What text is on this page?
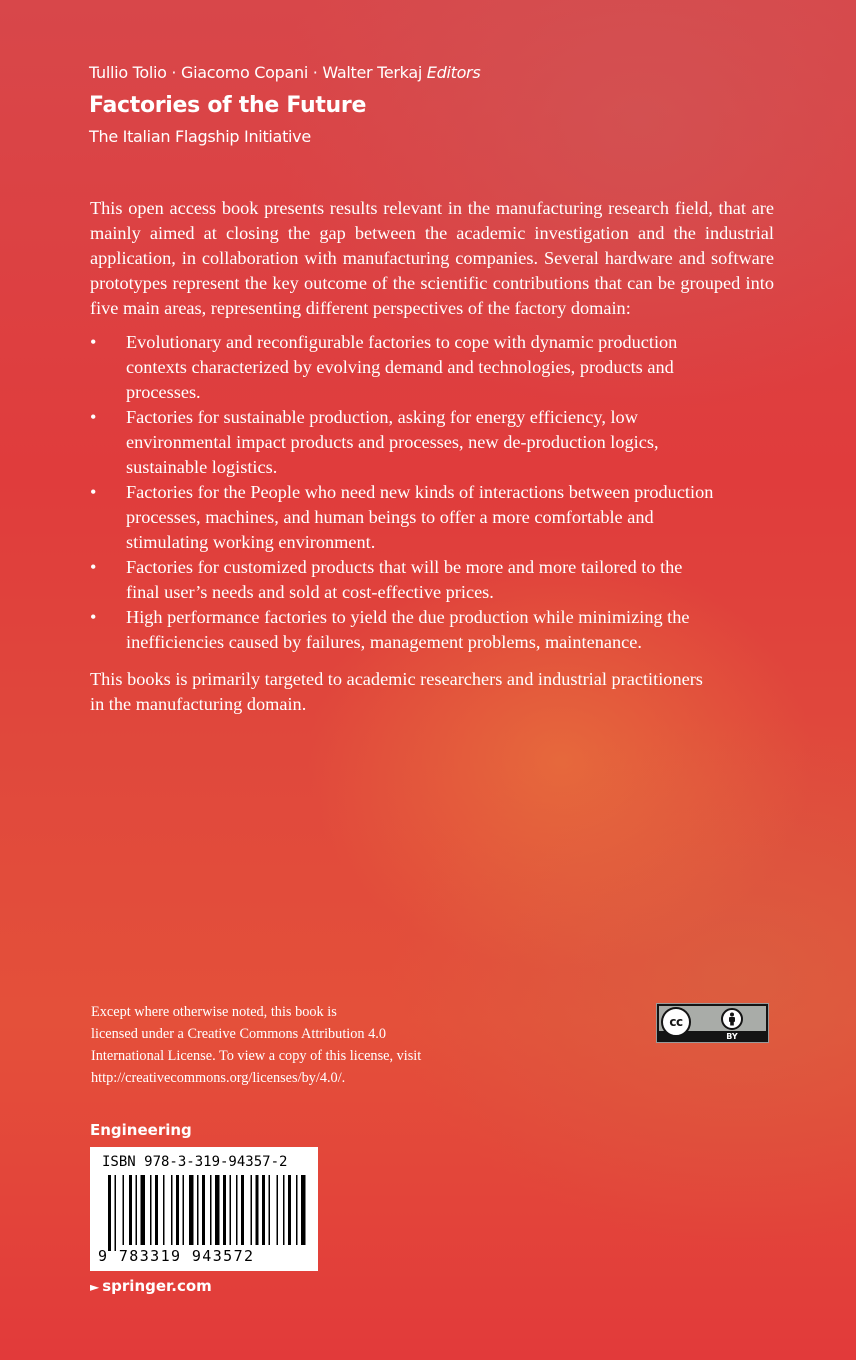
Tullio Tolio · Giacomo Copani · Walter Terkaj Editors
Factories of the Future
The Italian Flagship Initiative

This open access book presents results relevant in the manufacturing research field, that are mainly aimed at closing the gap between the academic investigation and the industrial application, in collaboration with manufacturing companies. Several hardware and software prototypes represent the key outcome of the scientific contributions that can be grouped into five main areas, representing different perspectives of the factory domain:

• Evolutionary and reconfigurable factories to cope with dynamic production
contexts characterized by evolving demand and technologies, products and
processes.
• Factories for sustainable production, asking for energy efficiency, low
environmental impact products and processes, new de-production logics,
sustainable logistics.
• Factories for the People who need new kinds of interactions between production
processes, machines, and human beings to offer a more comfortable and
stimulating working environment.
• Factories for customized products that will be more and more tailored to the
final user’s needs and sold at cost-effective prices.
• High performance factories to yield the due production while minimizing the
inefficiencies caused by failures, management problems, maintenance.
This books is primarily targeted to academic researchers and industrial practitioners
in the manufacturing domain.
Except where otherwise noted, this book is
licensed under a Creative Commons Attribution 4.0
International License. To view a copy of this license, visit
http://creativecommons.org/licenses/by/4.0/.
cc
BY
Engineering
ISBN 978-3-319-94357-2
9 783319 943572
► springer.com
